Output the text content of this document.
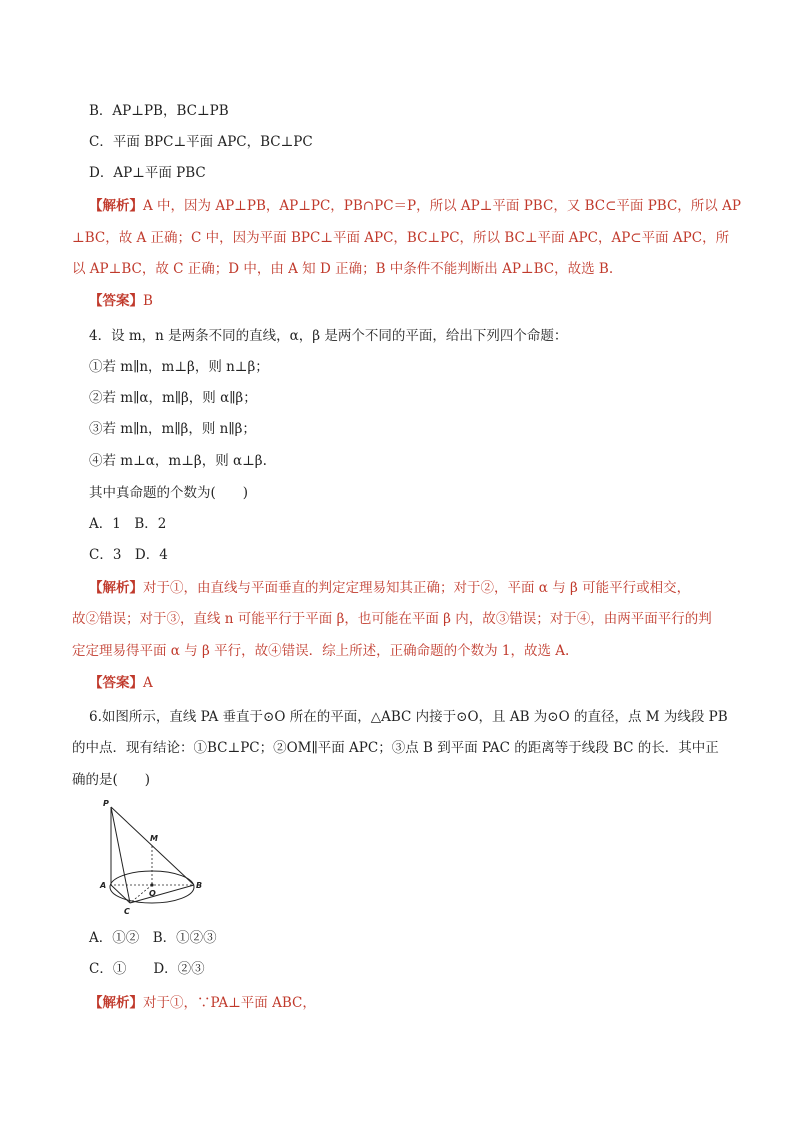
B．AP⊥PB，BC⊥PB
C．平面 BPC⊥平面 APC，BC⊥PC
D．AP⊥平面 PBC
【解析】A 中，因为 AP⊥PB，AP⊥PC，PB∩PC＝P，所以 AP⊥平面 PBC，又 BC⊂平面 PBC，所以 AP
⊥BC，故 A 正确；C 中，因为平面 BPC⊥平面 APC，BC⊥PC，所以 BC⊥平面 APC，AP⊂平面 APC，所
以 AP⊥BC，故 C 正确；D 中，由 A 知 D 正确；B 中条件不能判断出 AP⊥BC，故选 B.
【答案】B
4．设 m，n 是两条不同的直线，α，β 是两个不同的平面，给出下列四个命题：
①若 m∥n，m⊥β，则 n⊥β；
②若 m∥α，m∥β，则 α∥β；
③若 m∥n，m∥β，则 n∥β；
④若 m⊥α，m⊥β，则 α⊥β.
其中真命题的个数为(　　)
A．1　B．2
C．3　D．4
【解析】对于①，由直线与平面垂直的判定定理易知其正确；对于②，平面 α 与 β 可能平行或相交，
故②错误；对于③，直线 n 可能平行于平面 β，也可能在平面 β 内，故③错误；对于④，由两平面平行的判
定定理易得平面 α 与 β 平行，故④错误．综上所述，正确命题的个数为 1，故选 A.
【答案】A
6.如图所示，直线 PA 垂直于⊙O 所在的平面，△ABC 内接于⊙O，且 AB 为⊙O 的直径，点 M 为线段 PB
的中点．现有结论：①BC⊥PC；②OM∥平面 APC；③点 B 到平面 PAC 的距离等于线段 BC 的长．其中正
确的是(　　)
P
M
A
O
B
C
A．①②　B．①②③
C．①　　D．②③
【解析】对于①，∵PA⊥平面 ABC，
